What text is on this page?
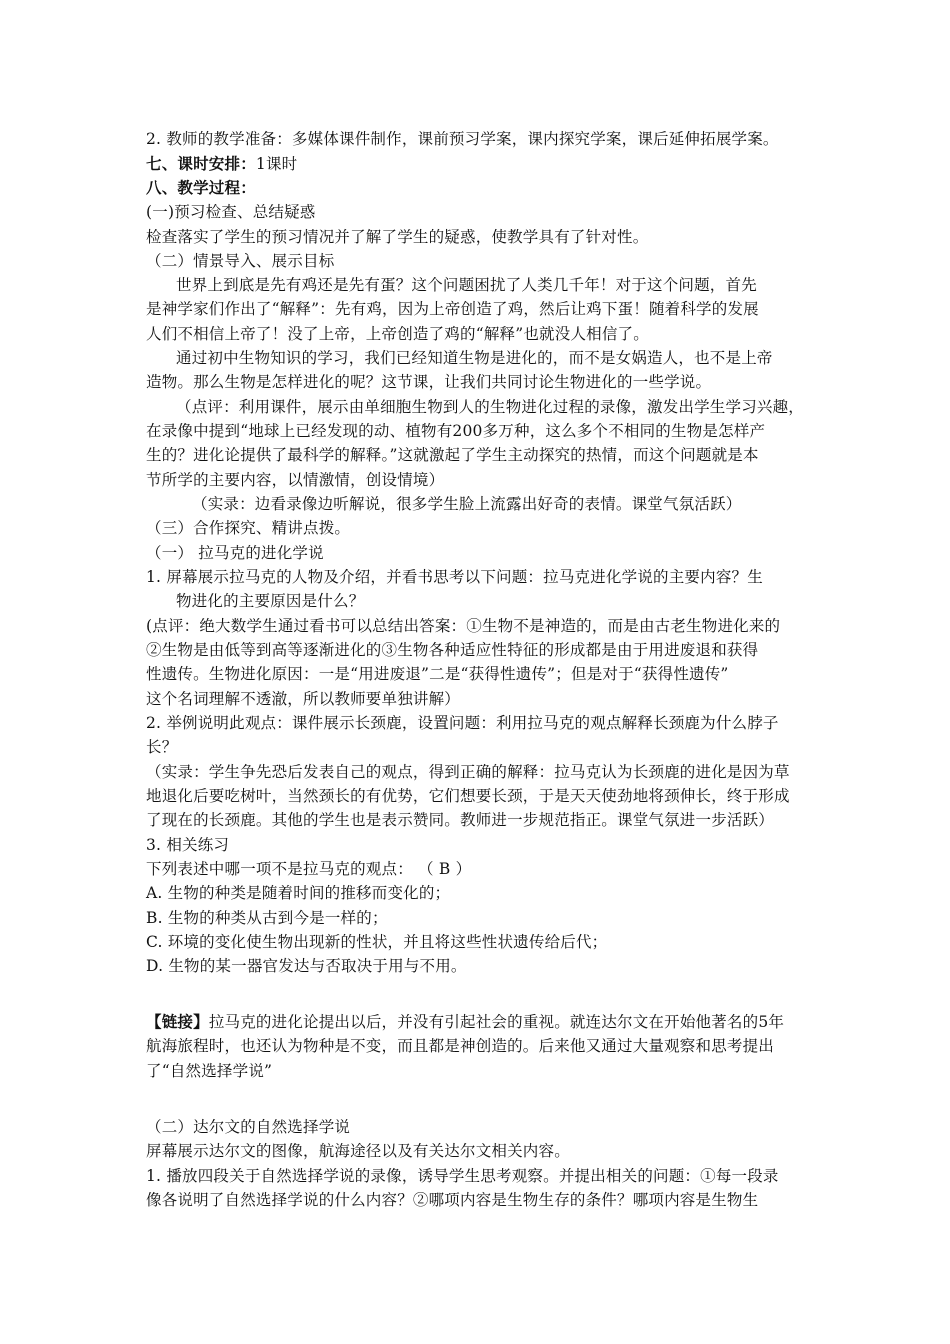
2. 教师的教学准备：多媒体课件制作，课前预习学案，课内探究学案，课后延伸拓展学案。
七、课时安排：1课时
八、教学过程：
(一)预习检查、总结疑惑
检查落实了学生的预习情况并了解了学生的疑惑，使教学具有了针对性。
（二）情景导入、展示目标
世界上到底是先有鸡还是先有蛋？这个问题困扰了人类几千年！对于这个问题，首先
是神学家们作出了“解释”：先有鸡，因为上帝创造了鸡，然后让鸡下蛋！随着科学的发展
人们不相信上帝了！没了上帝，上帝创造了鸡的“解释”也就没人相信了。
通过初中生物知识的学习，我们已经知道生物是进化的，而不是女娲造人，也不是上帝
造物。那么生物是怎样进化的呢？这节课，让我们共同讨论生物进化的一些学说。
（点评：利用课件，展示由单细胞生物到人的生物进化过程的录像，激发出学生学习兴趣，
在录像中提到“地球上已经发现的动、植物有200多万种，这么多个不相同的生物是怎样产
生的？进化论提供了最科学的解释。”这就激起了学生主动探究的热情，而这个问题就是本
节所学的主要内容，以情激情，创设情境）
（实录：边看录像边听解说，很多学生脸上流露出好奇的表情。课堂气氛活跃）
（三）合作探究、精讲点拨。
（一） 拉马克的进化学说
1. 屏幕展示拉马克的人物及介绍，并看书思考以下问题：拉马克进化学说的主要内容？生
物进化的主要原因是什么？
(点评：绝大数学生通过看书可以总结出答案：①生物不是神造的，而是由古老生物进化来的
②生物是由低等到高等逐渐进化的③生物各种适应性特征的形成都是由于用进废退和获得
性遗传。生物进化原因：一是“用进废退”二是“获得性遗传”；但是对于“获得性遗传”
这个名词理解不透澈，所以教师要单独讲解）
2. 举例说明此观点：课件展示长颈鹿，设置问题：利用拉马克的观点解释长颈鹿为什么脖子
长？
（实录：学生争先恐后发表自己的观点，得到正确的解释：拉马克认为长颈鹿的进化是因为草
地退化后要吃树叶，当然颈长的有优势，它们想要长颈，于是天天使劲地将颈伸长，终于形成
了现在的长颈鹿。其他的学生也是表示赞同。教师进一步规范指正。课堂气氛进一步活跃）
3. 相关练习
下列表述中哪一项不是拉马克的观点： （ B ）
A. 生物的种类是随着时间的推移而变化的；
B. 生物的种类从古到今是一样的；
C. 环境的变化使生物出现新的性状，并且将这些性状遗传给后代；
D. 生物的某一器官发达与否取决于用与不用。
【链接】拉马克的进化论提出以后，并没有引起社会的重视。就连达尔文在开始他著名的5年
航海旅程时，也还认为物种是不变，而且都是神创造的。后来他又通过大量观察和思考提出
了“自然选择学说”
（二）达尔文的自然选择学说
屏幕展示达尔文的图像，航海途径以及有关达尔文相关内容。
1. 播放四段关于自然选择学说的录像，诱导学生思考观察。并提出相关的问题：①每一段录
像各说明了自然选择学说的什么内容？②哪项内容是生物生存的条件？哪项内容是生物生
